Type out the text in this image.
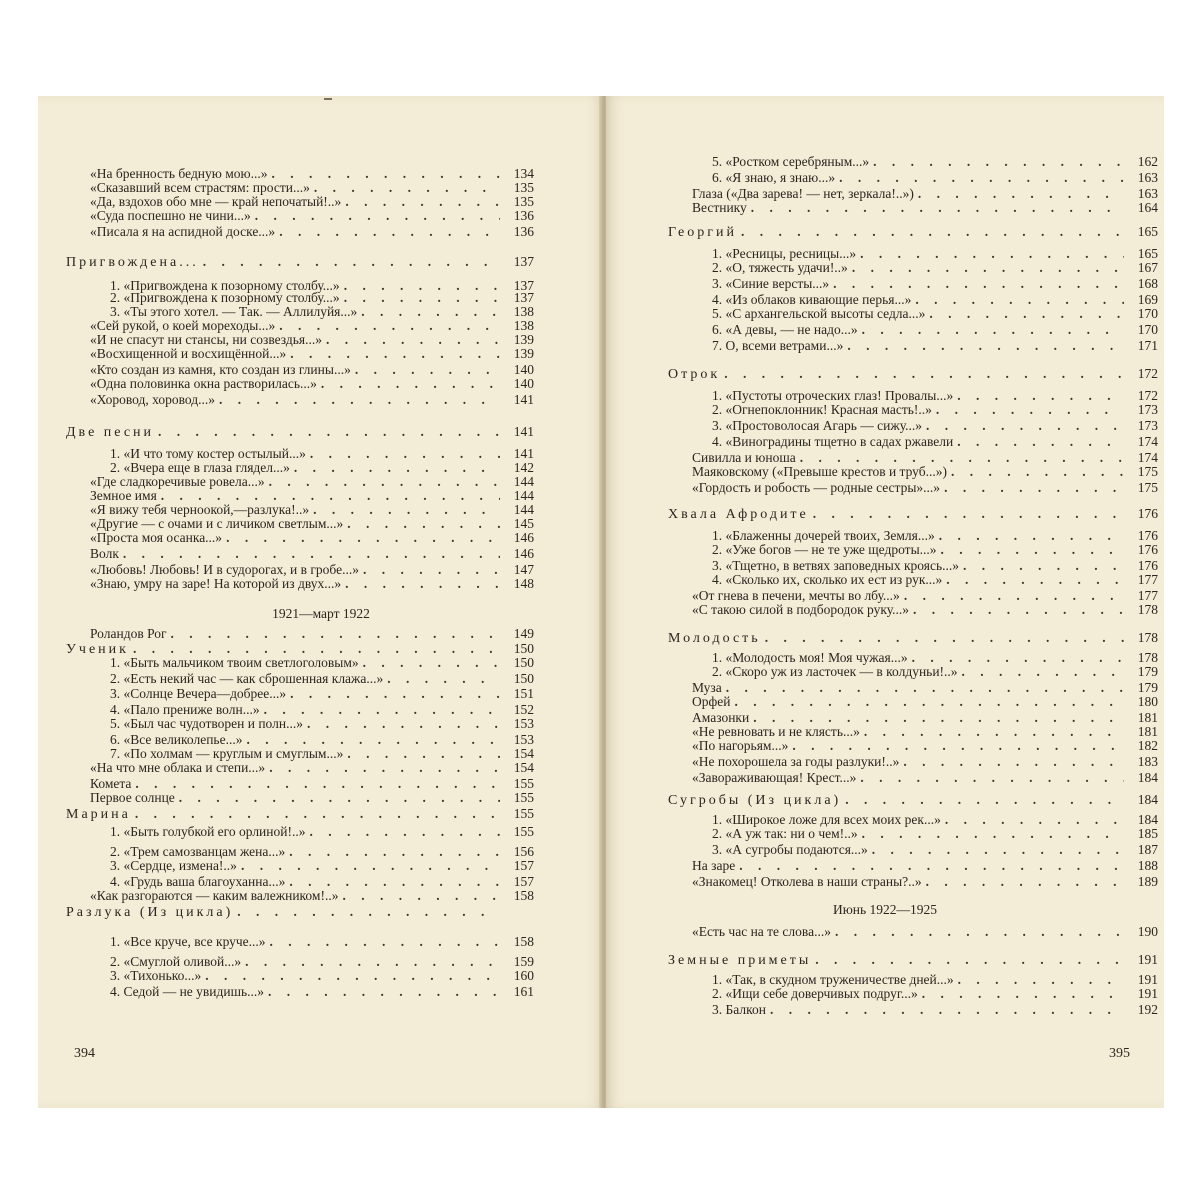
«На бренность бедную мою...» . . .	134
«Сказавший всем страстям: прости...» . . .	135
«Да, вздохов обо мне — край непочатый!..» . . .	135
«Суда поспешно не чини...» . . .	136
«Писала я на аспидной доске...» . . .	136
Пригвождена... . . .	137
1. «Пригвождена к позорному столбу...» . . .	137
2. «Пригвождена к позорному столбу...» . . .	137
3. «Ты этого хотел. — Так. — Аллилуйя...» . . .	138
«Сей рукой, о коей мореходы...» . . .	138
«И не спасут ни стансы, ни созвездья...» . . .	139
«Восхищенной и восхищённой...» . . .	139
«Кто создан из камня, кто создан из глины...» . . .	140
«Одна половинка окна растворилась...» . . .	140
«Хоровод, хоровод...» . . .	141
Две песни . . .	141
1. «И что тому костер остылый...» . . .	141
2. «Вчера еще в глаза глядел...» . . .	142
«Где сладкоречивые ровела...» . . .	144
Земное имя . . .	144
«Я вижу тебя черноокой,—разлука!..» . . .	144
«Другие — с очами и с личиком светлым...» . . .	145
«Проста моя осанка...» . . .	146
Волк . . .	146
«Любовь! Любовь! И в судорогах, и в гробе...» . . .	147
«Знаю, умру на заре! На которой из двух...» . . .	148
1921—март 1922
Роландов Рог . . .	149
Ученик . . .	150
1. «Быть мальчиком твоим светлоголовым» . . .	150
2. «Есть некий час — как сброшенная клажа...» . . .	150
3. «Солнце Вечера—добрее...» . . .	151
4. «Пало прениже волн...» . . .	152
5. «Был час чудотворен и полн...» . . .	153
6. «Все великолепье...» . . .	153
7. «По холмам — круглым и смуглым...» . . .	154
«На что мне облака и степи...» . . .	154
Комета . . .	155
Первое солнце . . .	155
Марина . . .	155
1. «Быть голубкой его орлиной!..» . . .	155
2. «Трем самозванцам жена...» . . .	156
3. «Сердце, измена!..» . . .	157
4. «Грудь ваша благоуханна...» . . .	157
«Как разгораются — каким валежником!..» . . .	158
Разлука (Из цикла)
. . .
1. «Все круче, все круче...» . . .	158
2. «Смуглой оливой...» . . .	159
3. «Тихонько...» . . .	160
4. Седой — не увидишь...» . . .	161
394
5. «Ростком серебряным...» . . .	162
6. «Я знаю, я знаю...» . . .	163
Глаза («Два зарева! — нет, зеркала!..») . . .	163
Вестнику . . .	164
Георгий . . .	165
1. «Ресницы, ресницы...» . . .	165
2. «О, тяжесть удачи!..» . . .	167
3. «Синие версты...» . . .	168
4. «Из облаков кивающие перья...» . . .	169
5. «С архангельской высоты седла...» . . .	170
6. «А девы, — не надо...» . . .	170
7. О, всеми ветрами...» . . .	171
Отрок . . .	172
1. «Пустоты отроческих глаз! Провалы...» . . .	172
2. «Огнепоклонник! Красная масть!..» . . .	173
3. «Простоволосая Агарь — сижу...» . . .	173
4. «Виноградины тщетно в садах ржавели . . .	174
Сивилла и юноша . . .	174
Маяковскому («Превыше крестов и труб...») . . .	175
«Гордость и робость — родные сестры»...» . . .	175
Хвала Афродите . . .	176
1. «Блаженны дочерей твоих, Земля...» . . .	176
2. «Уже богов — не те уже щедроты...» . . .	176
3. «Тщетно, в ветвях заповедных кроясь...» . . .	176
4. «Сколько их, сколько их ест из рук...» . . .	177
«От гнева в печени, мечты во лбу...» . . .	177
«С такою силой в подбородок руку...» . . .	178
Молодость . . .	178
1. «Молодость моя! Моя чужая...» . . .	178
2. «Скоро уж из ласточек — в колдуньи!..» . . .	179
Муза . . .	179
Орфей . . .	180
Амазонки . . .	181
«Не ревновать и не клясть...» . . .	181
«По нагорьям...» . . .	182
«Не похорошела за годы разлуки!..» . . .	183
«Завораживающая! Крест...» . . .	184
Сугробы (Из цикла) . . .	184
1. «Широкое ложе для всех моих рек...» . . .	184
2. «А уж так: ни о чем!..» . . .	185
3. «А сугробы подаются...» . . .	187
На заре . . .	188
«Знакомец! Отколева в наши страны?..» . . .	189
Июнь 1922—1925
«Есть час на те слова...» . . .	190
Земные приметы . . .	191
1. «Так, в скудном труженичестве дней...» . . .	191
2. «Ищи себе доверчивых подруг...» . . .	191
3. Балкон . . .	192
395
